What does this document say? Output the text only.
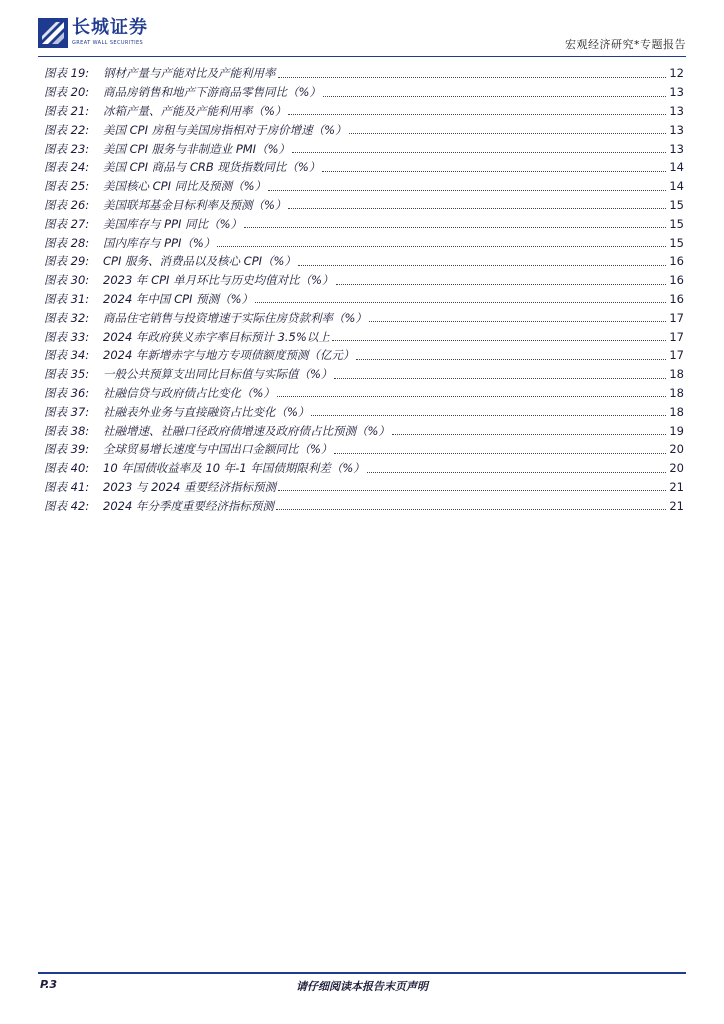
长城证券
GREAT WALL SECURITIES	宏观经济研究*专题报告
图表 19:	钢材产量与产能对比及产能利用率	12
图表 20:	商品房销售和地产下游商品零售同比（%）	13
图表 21:	冰箱产量、产能及产能利用率（%）	13
图表 22:	美国 CPI 房租与美国房指相对于房价增速（%）	13
图表 23:	美国 CPI 服务与非制造业 PMI（%）	13
图表 24:	美国 CPI 商品与 CRB 现货指数同比（%）	14
图表 25:	美国核心 CPI 同比及预测（%）	14
图表 26:	美国联邦基金目标利率及预测（%）	15
图表 27:	美国库存与 PPI 同比（%）	15
图表 28:	国内库存与 PPI（%）	15
图表 29:	CPI 服务、消费品以及核心 CPI（%）	16
图表 30:	2023 年 CPI 单月环比与历史均值对比（%）	16
图表 31:	2024 年中国 CPI 预测（%）	16
图表 32:	商品住宅销售与投资增速于实际住房贷款利率（%）	17
图表 33:	2024 年政府狭义赤字率目标预计 3.5%以上	17
图表 34:	2024 年新增赤字与地方专项债额度预测（亿元）	17
图表 35:	一般公共预算支出同比目标值与实际值（%）	18
图表 36:	社融信贷与政府债占比变化（%）	18
图表 37:	社融表外业务与直接融资占比变化（%）	18
图表 38:	社融增速、社融口径政府债增速及政府债占比预测（%）	19
图表 39:	全球贸易增长速度与中国出口金额同比（%）	20
图表 40:	10 年国债收益率及 10 年-1 年国债期限利差（%）	20
图表 41:	2023 与 2024 重要经济指标预测	21
图表 42:	2024 年分季度重要经济指标预测	21
P.3	请仔细阅读本报告末页声明
